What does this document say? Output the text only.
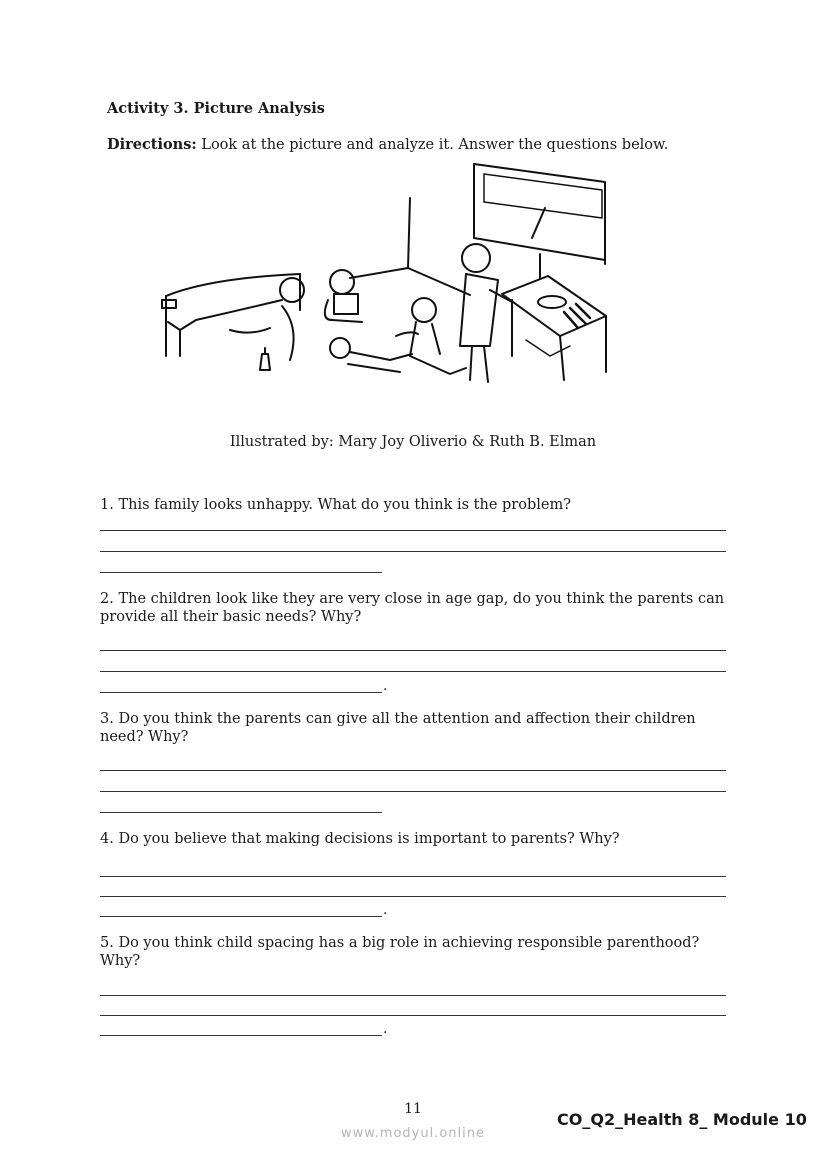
Activity 3. Picture Analysis
Directions: Look at the picture and analyze it. Answer the questions below.
Illustrated by: Mary Joy Oliverio & Ruth B. Elman
1. This family looks unhappy. What do you think is the problem?
2. The children look like they are very close in age gap, do you think the parents can provide all their basic needs? Why?
.
3. Do you think the parents can give all the attention and affection their children need? Why?
4. Do you believe that making decisions is important to parents? Why?
.
5. Do you think child spacing has a big role in achieving responsible parenthood? Why?
.
11
CO_Q2_Health 8_ Module 10
www.modyul.online
